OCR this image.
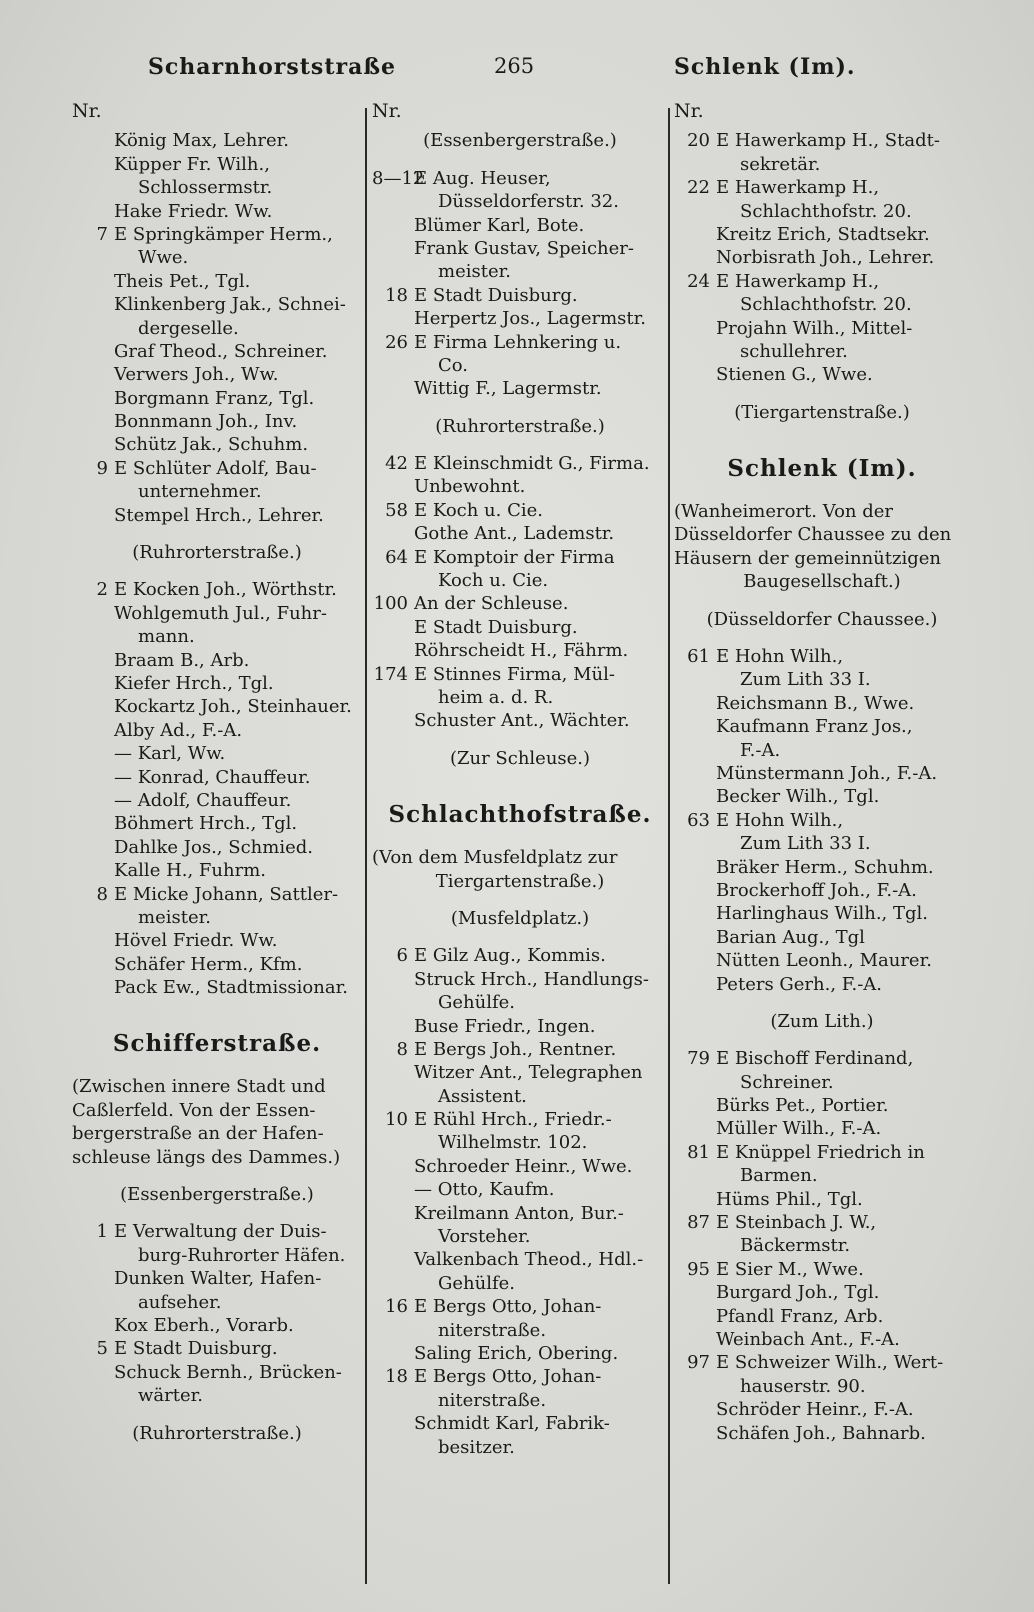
Scharnhorststraße	265	Schlenk (Im).
Nr.
König Max, Lehrer.
Küpper Fr. Wilh.,
Schlossermstr.
Hake Friedr. Ww.
7 E Springkämper Herm.,
Wwe.
Theis Pet., Tgl.
Klinkenberg Jak., Schnei-
dergeselle.
Graf Theod., Schreiner.
Verwers Joh., Ww.
Borgmann Franz, Tgl.
Bonnmann Joh., Inv.
Schütz Jak., Schuhm.
9 E Schlüter Adolf, Bau-
unternehmer.
Stempel Hrch., Lehrer.
(Ruhrorterstraße.)
2 E Kocken Joh., Wörthstr.
Wohlgemuth Jul., Fuhr-
mann.
Braam B., Arb.
Kiefer Hrch., Tgl.
Kockartz Joh., Steinhauer.
Alby Ad., F.-A.
— Karl, Ww.
— Konrad, Chauffeur.
— Adolf, Chauffeur.
Böhmert Hrch., Tgl.
Dahlke Jos., Schmied.
Kalle H., Fuhrm.
8 E Micke Johann, Sattler-
meister.
Hövel Friedr. Ww.
Schäfer Herm., Kfm.
Pack Ew., Stadtmissionar.
Schifferstraße.
(Zwischen innere Stadt und
Caßlerfeld. Von der Essen-
bergerstraße an der Hafen-
schleuse längs des Dammes.)
(Essenbergerstraße.)
1 E Verwaltung der Duis-
burg-Ruhrorter Häfen.
Dunken Walter, Hafen-
aufseher.
Kox Eberh., Vorarb.
5 E Stadt Duisburg.
Schuck Bernh., Brücken-
wärter.
(Ruhrorterstraße.)
Nr.
(Essenbergerstraße.)
8—12E Aug. Heuser,
Düsseldorferstr. 32.
Blümer Karl, Bote.
Frank Gustav, Speicher-
meister.
18 E Stadt Duisburg.
Herpertz Jos., Lagermstr.
26 E Firma Lehnkering u.
Co.
Wittig F., Lagermstr.
(Ruhrorterstraße.)
42 E Kleinschmidt G., Firma.
Unbewohnt.
58 E Koch u. Cie.
Gothe Ant., Lademstr.
64 E Komptoir der Firma
Koch u. Cie.
100 An der Schleuse.
E Stadt Duisburg.
Röhrscheidt H., Fährm.
174 E Stinnes Firma, Mül-
heim a. d. R.
Schuster Ant., Wächter.
(Zur Schleuse.)
Schlachthofstraße.
(Von dem Musfeldplatz zur
Tiergartenstraße.)
(Musfeldplatz.)
6 E Gilz Aug., Kommis.
Struck Hrch., Handlungs-
Gehülfe.
Buse Friedr., Ingen.
8 E Bergs Joh., Rentner.
Witzer Ant., Telegraphen
Assistent.
10 E Rühl Hrch., Friedr.-
Wilhelmstr. 102.
Schroeder Heinr., Wwe.
— Otto, Kaufm.
Kreilmann Anton, Bur.-
Vorsteher.
Valkenbach Theod., Hdl.-
Gehülfe.
16 E Bergs Otto, Johan-
niterstraße.
Saling Erich, Obering.
18 E Bergs Otto, Johan-
niterstraße.
Schmidt Karl, Fabrik-
besitzer.
Nr.
20 E Hawerkamp H., Stadt-
sekretär.
22 E Hawerkamp H.,
Schlachthofstr. 20.
Kreitz Erich, Stadtsekr.
Norbisrath Joh., Lehrer.
24 E Hawerkamp H.,
Schlachthofstr. 20.
Projahn Wilh., Mittel-
schullehrer.
Stienen G., Wwe.
(Tiergartenstraße.)
Schlenk (Im).
(Wanheimerort. Von der
Düsseldorfer Chaussee zu den
Häusern der gemeinnützigen
Baugesellschaft.)
(Düsseldorfer Chaussee.)
61 E Hohn Wilh.,
Zum Lith 33 I.
Reichsmann B., Wwe.
Kaufmann Franz Jos.,
F.-A.
Münstermann Joh., F.-A.
Becker Wilh., Tgl.
63 E Hohn Wilh.,
Zum Lith 33 I.
Bräker Herm., Schuhm.
Brockerhoff Joh., F.-A.
Harlinghaus Wilh., Tgl.
Barian Aug., Tgl
Nütten Leonh., Maurer.
Peters Gerh., F.-A.
(Zum Lith.)
79 E Bischoff Ferdinand,
Schreiner.
Bürks Pet., Portier.
Müller Wilh., F.-A.
81 E Knüppel Friedrich in
Barmen.
Hüms Phil., Tgl.
87 E Steinbach J. W.,
Bäckermstr.
95 E Sier M., Wwe.
Burgard Joh., Tgl.
Pfandl Franz, Arb.
Weinbach Ant., F.-A.
97 E Schweizer Wilh., Wert-
hauserstr. 90.
Schröder Heinr., F.-A.
Schäfen Joh., Bahnarb.
